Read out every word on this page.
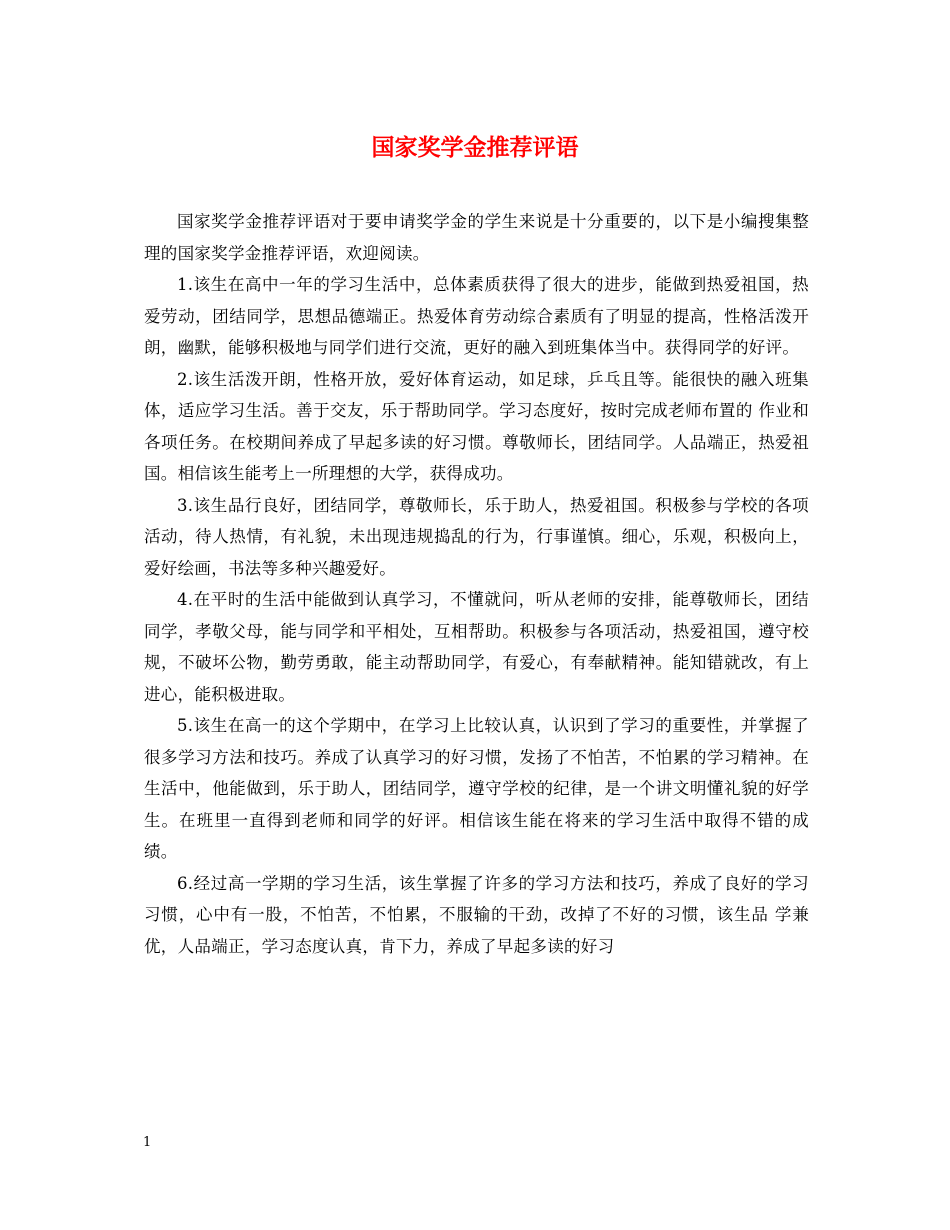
国家奖学金推荐评语

国家奖学金推荐评语对于要申请奖学金的学生来说是十分重要的，以下是小编搜集整理的国家奖学金推荐评语，欢迎阅读。

1.该生在高中一年的学习生活中，总体素质获得了很大的进步，能做到热爱祖国，热爱劳动，团结同学，思想品德端正。热爱体育劳动综合素质有了明显的提高，性格活泼开朗，幽默，能够积极地与同学们进行交流，更好的融入到班集体当中。获得同学的好评。

2.该生活泼开朗，性格开放，爱好体育运动，如足球，乒乓且等。能很快的融入班集体，适应学习生活。善于交友，乐于帮助同学。学习态度好，按时完成老师布置的 作业和各项任务。在校期间养成了早起多读的好习惯。尊敬师长，团结同学。人品端正，热爱祖国。相信该生能考上一所理想的大学，获得成功。

3.该生品行良好，团结同学，尊敬师长，乐于助人，热爱祖国。积极参与学校的各项活动，待人热情，有礼貌，未出现违规捣乱的行为，行事谨慎。细心，乐观，积极向上，爱好绘画，书法等多种兴趣爱好。

4.在平时的生活中能做到认真学习，不懂就问，听从老师的安排，能尊敬师长，团结同学，孝敬父母，能与同学和平相处，互相帮助。积极参与各项活动，热爱祖国，遵守校规，不破坏公物，勤劳勇敢，能主动帮助同学，有爱心，有奉献精神。能知错就改，有上进心，能积极进取。

5.该生在高一的这个学期中，在学习上比较认真，认识到了学习的重要性，并掌握了很多学习方法和技巧。养成了认真学习的好习惯，发扬了不怕苦，不怕累的学习精神。在生活中，他能做到，乐于助人，团结同学，遵守学校的纪律，是一个讲文明懂礼貌的好学生。在班里一直得到老师和同学的好评。相信该生能在将来的学习生活中取得不错的成绩。

6.经过高一学期的学习生活，该生掌握了许多的学习方法和技巧，养成了良好的学习习惯，心中有一股，不怕苦，不怕累，不服输的干劲，改掉了不好的习惯，该生品 学兼优，人品端正，学习态度认真，肯下力，养成了早起多读的好习

1
